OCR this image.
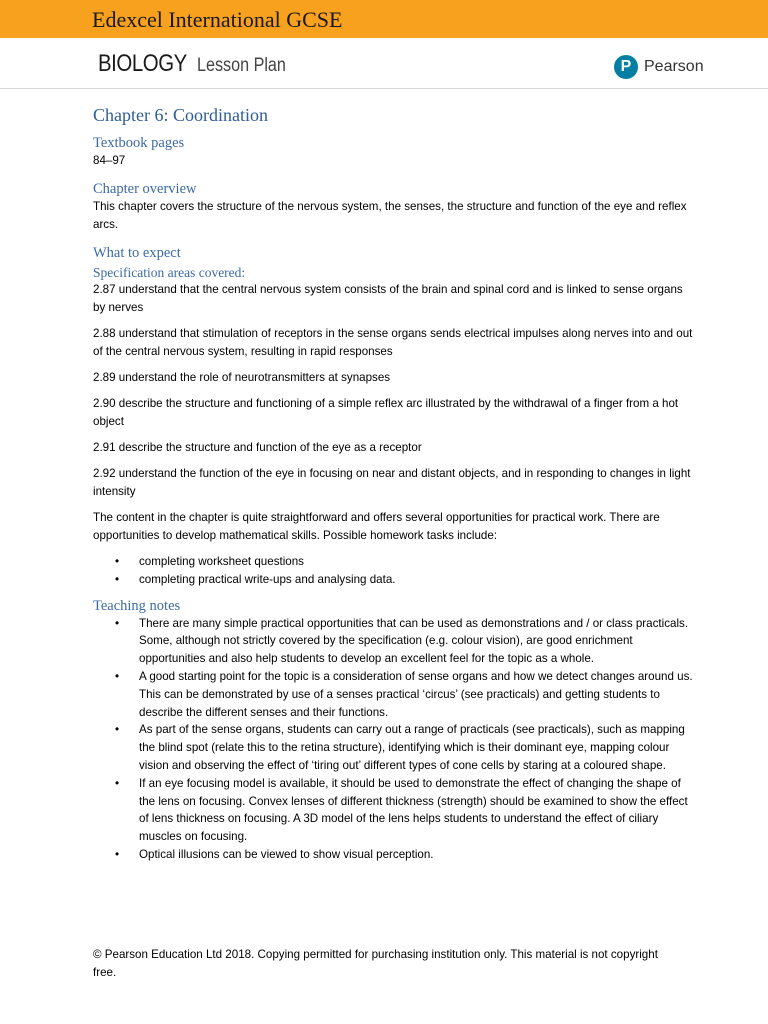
Edexcel International GCSE
BIOLOGY Lesson Plan	P Pearson
Chapter 6: Coordination
Textbook pages
84–97
Chapter overview
This chapter covers the structure of the nervous system, the senses, the structure and function of the eye and reflex arcs.
What to expect
Specification areas covered:
2.87 understand that the central nervous system consists of the brain and spinal cord and is linked to sense organs by nerves
2.88 understand that stimulation of receptors in the sense organs sends electrical impulses along nerves into and out of the central nervous system, resulting in rapid responses
2.89 understand the role of neurotransmitters at synapses
2.90 describe the structure and functioning of a simple reflex arc illustrated by the withdrawal of a finger from a hot object
2.91 describe the structure and function of the eye as a receptor
2.92 understand the function of the eye in focusing on near and distant objects, and in responding to changes in light intensity
The content in the chapter is quite straightforward and offers several opportunities for practical work. There are opportunities to develop mathematical skills. Possible homework tasks include:
• completing worksheet questions
• completing practical write-ups and analysing data.
Teaching notes
• There are many simple practical opportunities that can be used as demonstrations and / or class practicals. Some, although not strictly covered by the specification (e.g. colour vision), are good enrichment opportunities and also help students to develop an excellent feel for the topic as a whole.
• A good starting point for the topic is a consideration of sense organs and how we detect changes around us. This can be demonstrated by use of a senses practical ‘circus’ (see practicals) and getting students to describe the different senses and their functions.
• As part of the sense organs, students can carry out a range of practicals (see practicals), such as mapping the blind spot (relate this to the retina structure), identifying which is their dominant eye, mapping colour vision and observing the effect of ‘tiring out’ different types of cone cells by staring at a coloured shape.
• If an eye focusing model is available, it should be used to demonstrate the effect of changing the shape of the lens on focusing. Convex lenses of different thickness (strength) should be examined to show the effect of lens thickness on focusing. A 3D model of the lens helps students to understand the effect of ciliary muscles on focusing.
• Optical illusions can be viewed to show visual perception.
© Pearson Education Ltd 2018. Copying permitted for purchasing institution only. This material is not copyright free.
